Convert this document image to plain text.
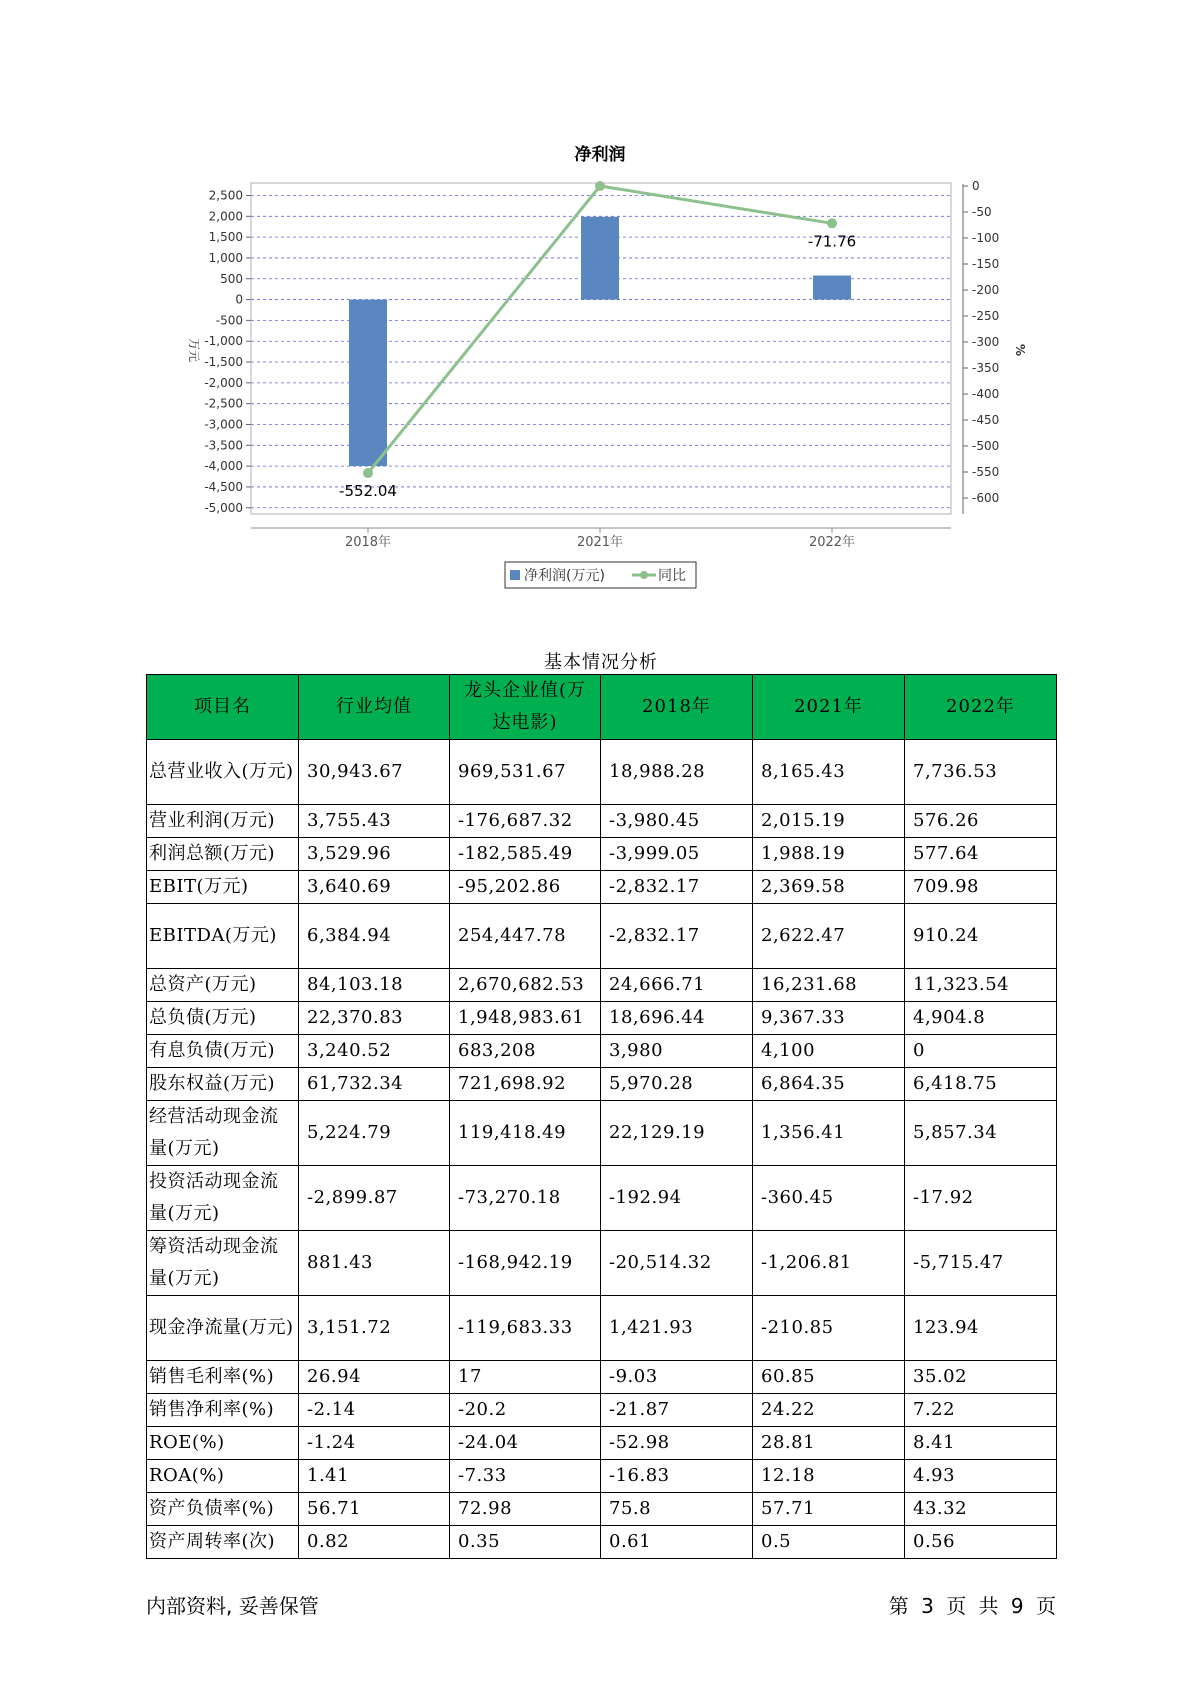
净利润
-552.04
-71.76
万元	%
2,500
2,000
1,500
1,000
500
0
-500
-1,000
-1,500
-2,000
-2,500
-3,000
-3,500
-4,000
-4,500
-5,000
0
-50
-100
-150
-200
-250
-300
-350
-400
-450
-500
-550
-600
2018年	2021年	2022年
净利润(万元)	同比
基本情况分析
项目名	行业均值	龙头企业值(万达电影)	2018年	2021年	2022年
总营业收入(万元)	30,943.67	969,531.67	18,988.28	8,165.43	7,736.53
营业利润(万元)	3,755.43	-176,687.32	-3,980.45	2,015.19	576.26
利润总额(万元)	3,529.96	-182,585.49	-3,999.05	1,988.19	577.64
EBIT(万元)	3,640.69	-95,202.86	-2,832.17	2,369.58	709.98
EBITDA(万元)	6,384.94	254,447.78	-2,832.17	2,622.47	910.24
总资产(万元)	84,103.18	2,670,682.53	24,666.71	16,231.68	11,323.54
总负债(万元)	22,370.83	1,948,983.61	18,696.44	9,367.33	4,904.8
有息负债(万元)	3,240.52	683,208	3,980	4,100	0
股东权益(万元)	61,732.34	721,698.92	5,970.28	6,864.35	6,418.75
经营活动现金流量(万元)	5,224.79	119,418.49	22,129.19	1,356.41	5,857.34
投资活动现金流量(万元)	-2,899.87	-73,270.18	-192.94	-360.45	-17.92
筹资活动现金流量(万元)	881.43	-168,942.19	-20,514.32	-1,206.81	-5,715.47
现金净流量(万元)	3,151.72	-119,683.33	1,421.93	-210.85	123.94
销售毛利率(%)	26.94	17	-9.03	60.85	35.02
销售净利率(%)	-2.14	-20.2	-21.87	24.22	7.22
ROE(%)	-1.24	-24.04	-52.98	28.81	8.41
ROA(%)	1.41	-7.33	-16.83	12.18	4.93
资产负债率(%)	56.71	72.98	75.8	57.71	43.32
资产周转率(次)	0.82	0.35	0.61	0.5	0.56
内部资料, 妥善保管	第 3 页 共 9 页
